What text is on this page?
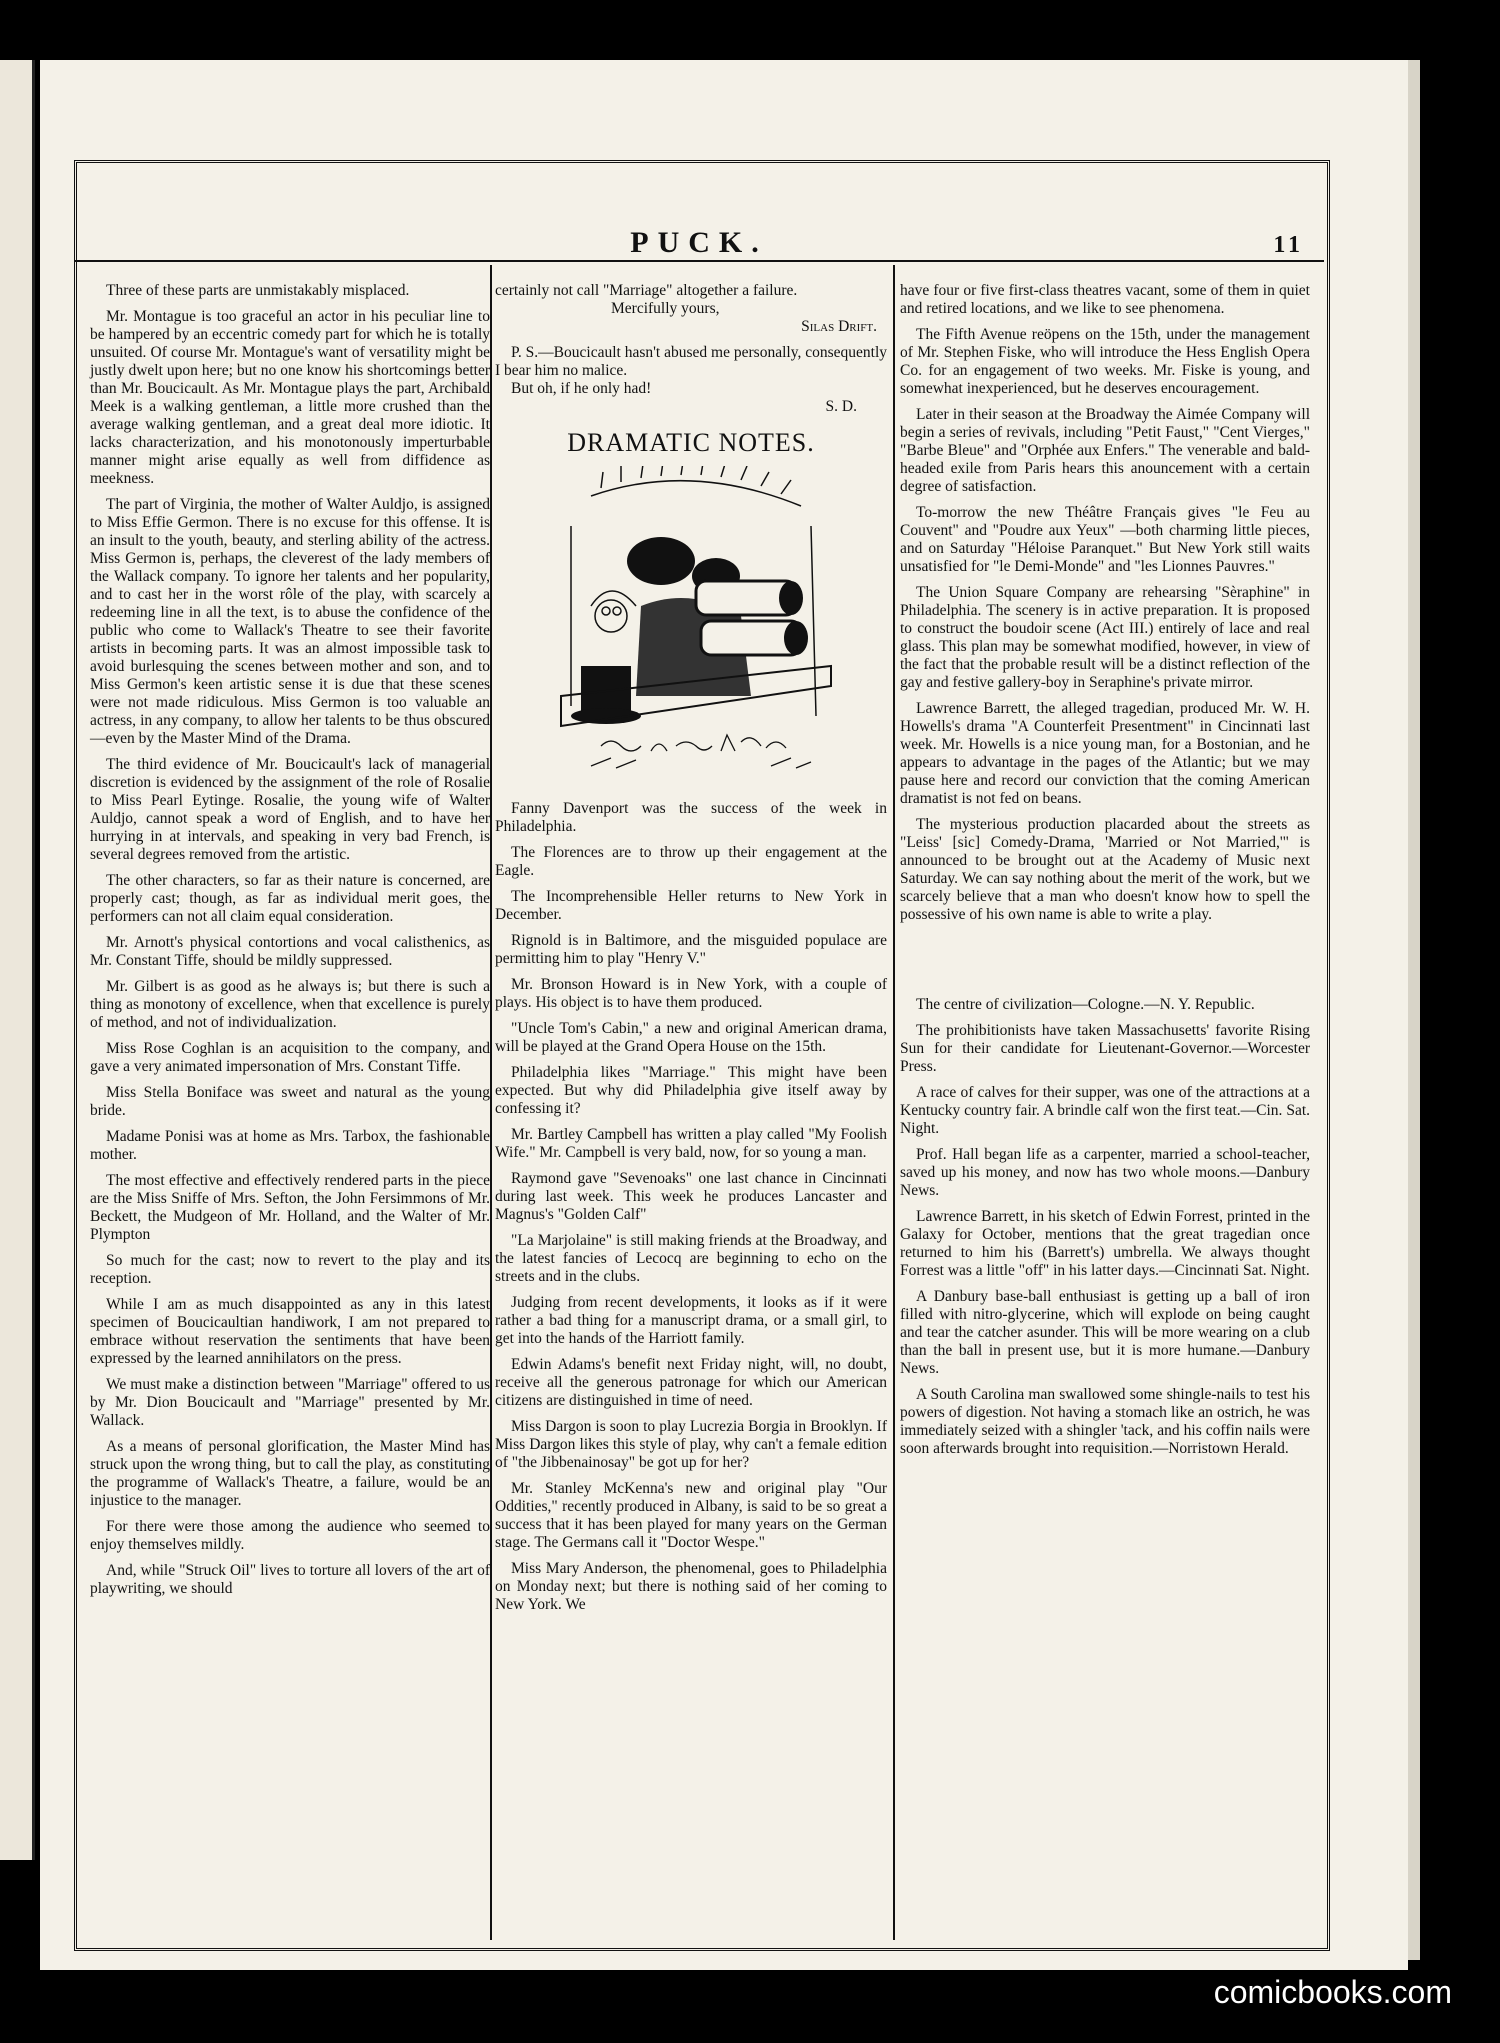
PUCK.	11

Three of these parts are unmistakably misplaced.

Mr. Montague is too graceful an actor in his peculiar line to be hampered by an eccentric comedy part for which he is totally unsuited. Of course Mr. Montague's want of versatility might be justly dwelt upon here; but no one know his shortcomings better than Mr. Boucicault. As Mr. Montague plays the part, Archibald Meek is a walking gentleman, a little more crushed than the average walking gentleman, and a great deal more idiotic. It lacks characterization, and his monotonously imperturbable manner might arise equally as well from diffidence as meekness.

The part of Virginia, the mother of Walter Auldjo, is assigned to Miss Effie Germon. There is no excuse for this offense. It is an insult to the youth, beauty, and sterling ability of the actress. Miss Germon is, perhaps, the cleverest of the lady members of the Wallack company. To ignore her talents and her popularity, and to cast her in the worst rôle of the play, with scarcely a redeeming line in all the text, is to abuse the confidence of the public who come to Wallack's Theatre to see their favorite artists in becoming parts. It was an almost impossible task to avoid burlesquing the scenes between mother and son, and to Miss Germon's keen artistic sense it is due that these scenes were not made ridiculous. Miss Germon is too valuable an actress, in any company, to allow her talents to be thus obscured—even by the Master Mind of the Drama.

The third evidence of Mr. Boucicault's lack of managerial discretion is evidenced by the assignment of the role of Rosalie to Miss Pearl Eytinge. Rosalie, the young wife of Walter Auldjo, cannot speak a word of English, and to have her hurrying in at intervals, and speaking in very bad French, is several degrees removed from the artistic.

The other characters, so far as their nature is concerned, are properly cast; though, as far as individual merit goes, the performers can not all claim equal consideration.

Mr. Arnott's physical contortions and vocal calisthenics, as Mr. Constant Tiffe, should be mildly suppressed.

Mr. Gilbert is as good as he always is; but there is such a thing as monotony of excellence, when that excellence is purely of method, and not of individualization.

Miss Rose Coghlan is an acquisition to the company, and gave a very animated impersonation of Mrs. Constant Tiffe.

Miss Stella Boniface was sweet and natural as the young bride.

Madame Ponisi was at home as Mrs. Tarbox, the fashionable mother.

The most effective and effectively rendered parts in the piece are the Miss Sniffe of Mrs. Sefton, the John Fersimmons of Mr. Beckett, the Mudgeon of Mr. Holland, and the Walter of Mr. Plympton

So much for the cast; now to revert to the play and its reception.

While I am as much disappointed as any in this latest specimen of Boucicaultian handiwork, I am not prepared to embrace without reservation the sentiments that have been expressed by the learned annihilators on the press.

We must make a distinction between "Marriage" offered to us by Mr. Dion Boucicault and "Marriage" presented by Mr. Wallack.

As a means of personal glorification, the Master Mind has struck upon the wrong thing, but to call the play, as constituting the programme of Wallack's Theatre, a failure, would be an injustice to the manager.

For there were those among the audience who seemed to enjoy themselves mildly.

And, while "Struck Oil" lives to torture all lovers of the art of playwriting, we should

certainly not call "Marriage" altogether a failure.

Mercifully yours,

Silas Drift.

P. S.—Boucicault hasn't abused me personally, consequently I bear him no malice.

But oh, if he only had!

S. D.

DRAMATIC NOTES.

Fanny Davenport was the success of the week in Philadelphia.

The Florences are to throw up their engagement at the Eagle.

The Incomprehensible Heller returns to New York in December.

Rignold is in Baltimore, and the misguided populace are permitting him to play "Henry V."

Mr. Bronson Howard is in New York, with a couple of plays. His object is to have them produced.

"Uncle Tom's Cabin," a new and original American drama, will be played at the Grand Opera House on the 15th.

Philadelphia likes "Marriage." This might have been expected. But why did Philadelphia give itself away by confessing it?

Mr. Bartley Campbell has written a play called "My Foolish Wife." Mr. Campbell is very bald, now, for so young a man.

Raymond gave "Sevenoaks" one last chance in Cincinnati during last week. This week he produces Lancaster and Magnus's "Golden Calf"

"La Marjolaine" is still making friends at the Broadway, and the latest fancies of Lecocq are beginning to echo on the streets and in the clubs.

Judging from recent developments, it looks as if it were rather a bad thing for a manuscript drama, or a small girl, to get into the hands of the Harriott family.

Edwin Adams's benefit next Friday night, will, no doubt, receive all the generous patronage for which our American citizens are distinguished in time of need.

Miss Dargon is soon to play Lucrezia Borgia in Brooklyn. If Miss Dargon likes this style of play, why can't a female edition of "the Jibbenainosay" be got up for her?

Mr. Stanley McKenna's new and original play "Our Oddities," recently produced in Albany, is said to be so great a success that it has been played for many years on the German stage. The Germans call it "Doctor Wespe."

Miss Mary Anderson, the phenomenal, goes to Philadelphia on Monday next; but there is nothing said of her coming to New York. We

have four or five first-class theatres vacant, some of them in quiet and retired locations, and we like to see phenomena.

The Fifth Avenue reöpens on the 15th, under the management of Mr. Stephen Fiske, who will introduce the Hess English Opera Co. for an engagement of two weeks. Mr. Fiske is young, and somewhat inexperienced, but he deserves encouragement.

Later in their season at the Broadway the Aimée Company will begin a series of revivals, including "Petit Faust," "Cent Vierges," "Barbe Bleue" and "Orphée aux Enfers." The venerable and bald-headed exile from Paris hears this anouncement with a certain degree of satisfaction.

To-morrow the new Théâtre Français gives "le Feu au Couvent" and "Poudre aux Yeux" —both charming little pieces, and on Saturday "Héloise Paranquet." But New York still waits unsatisfied for "le Demi-Monde" and "les Lionnes Pauvres."

The Union Square Company are rehearsing "Sèraphine" in Philadelphia. The scenery is in active preparation. It is proposed to construct the boudoir scene (Act III.) entirely of lace and real glass. This plan may be somewhat modified, however, in view of the fact that the probable result will be a distinct reflection of the gay and festive gallery-boy in Seraphine's private mirror.

Lawrence Barrett, the alleged tragedian, produced Mr. W. H. Howells's drama "A Counterfeit Presentment" in Cincinnati last week. Mr. Howells is a nice young man, for a Bostonian, and he appears to advantage in the pages of the Atlantic; but we may pause here and record our conviction that the coming American dramatist is not fed on beans.

The mysterious production placarded about the streets as "Leiss' [sic] Comedy-Drama, 'Married or Not Married,'" is announced to be brought out at the Academy of Music next Saturday. We can say nothing about the merit of the work, but we scarcely believe that a man who doesn't know how to spell the possessive of his own name is able to write a play.

The centre of civilization—Cologne.—N. Y. Republic.

The prohibitionists have taken Massachusetts' favorite Rising Sun for their candidate for Lieutenant-Governor.—Worcester Press.

A race of calves for their supper, was one of the attractions at a Kentucky country fair. A brindle calf won the first teat.—Cin. Sat. Night.

Prof. Hall began life as a carpenter, married a school-teacher, saved up his money, and now has two whole moons.—Danbury News.

Lawrence Barrett, in his sketch of Edwin Forrest, printed in the Galaxy for October, mentions that the great tragedian once returned to him his (Barrett's) umbrella. We always thought Forrest was a little "off" in his latter days.—Cincinnati Sat. Night.

A Danbury base-ball enthusiast is getting up a ball of iron filled with nitro-glycerine, which will explode on being caught and tear the catcher asunder. This will be more wearing on a club than the ball in present use, but it is more humane.—Danbury News.

A South Carolina man swallowed some shingle-nails to test his powers of digestion. Not having a stomach like an ostrich, he was immediately seized with a shingler 'tack, and his coffin nails were soon afterwards brought into requisition.—Norristown Herald.

comicbooks.com
